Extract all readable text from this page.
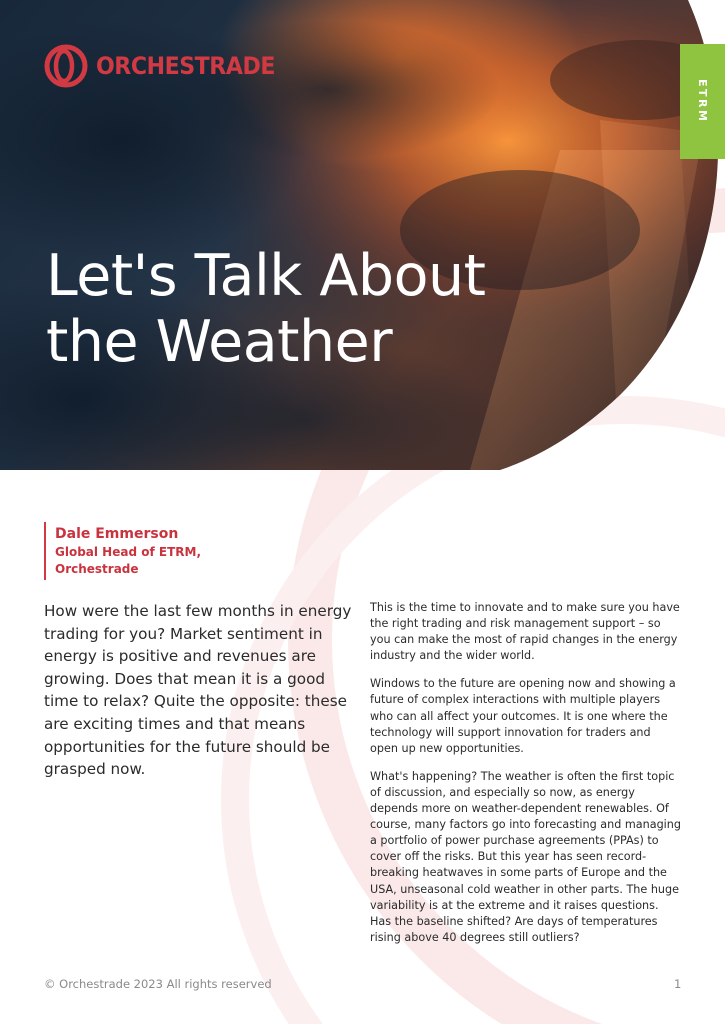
ORCHESTRADE
ETRM
Let's Talk About
the Weather
Dale Emmerson
Global Head of ETRM,
Orchestrade

How were the last few months in energy trading for you? Market sentiment in energy is positive and revenues are growing. Does that mean it is a good time to relax? Quite the opposite: these are exciting times and that means opportunities for the future should be grasped now.

This is the time to innovate and to make sure you have the right trading and risk management support – so you can make the most of rapid changes in the energy industry and the wider world.

Windows to the future are opening now and showing a future of complex interactions with multiple players who can all affect your outcomes. It is one where the technology will support innovation for traders and open up new opportunities.

What's happening? The weather is often the first topic of discussion, and especially so now, as energy depends more on weather-dependent renewables. Of course, many factors go into forecasting and managing a portfolio of power purchase agreements (PPAs) to cover off the risks. But this year has seen record-breaking heatwaves in some parts of Europe and the USA, unseasonal cold weather in other parts. The huge variability is at the extreme and it raises questions. Has the baseline shifted? Are days of temperatures rising above 40 degrees still outliers?

© Orchestrade 2023 All rights reserved	1
